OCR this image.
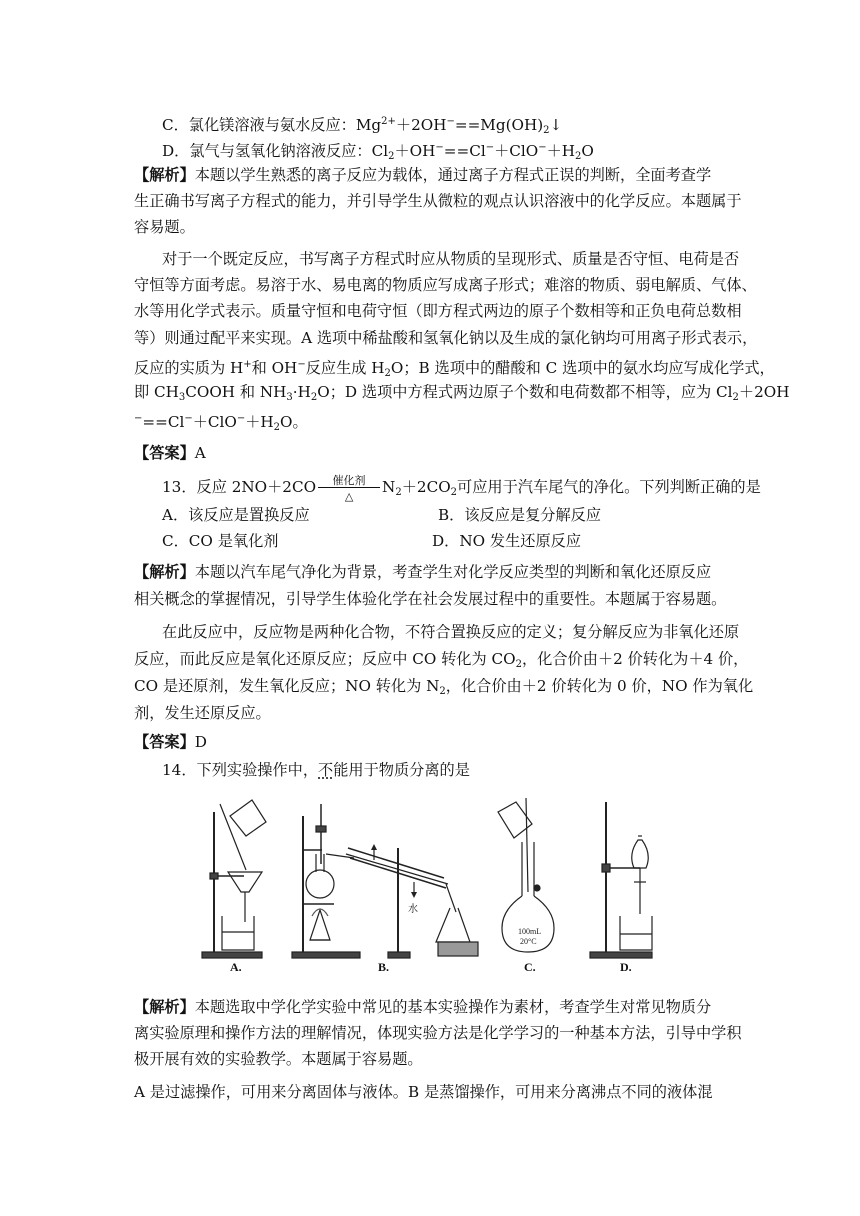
C．氯化镁溶液与氨水反应：$Mg^{2+}+2OH^-==Mg(OH)_2↓$
D．氯气与氢氧化钠溶液反应：$Cl_2+OH^-==Cl^-+ClO^-+H_2O$
【解析】本题以学生熟悉的离子反应为载体，通过离子方程式正误的判断，全面考查学
生正确书写离子方程式的能力，并引导学生从微粒的观点认识溶液中的化学反应。本题属于
容易题。
对于一个既定反应，书写离子方程式时应从物质的呈现形式、质量是否守恒、电荷是否
守恒等方面考虑。易溶于水、易电离的物质应写成离子形式；难溶的物质、弱电解质、气体、
水等用化学式表示。质量守恒和电荷守恒（即方程式两边的原子个数相等和正负电荷总数相
等）则通过配平来实现。A 选项中稀盐酸和氢氧化钠以及生成的氯化钠均可用离子形式表示，
反应的实质为 H+和 OH−反应生成 $H_2O$；B 选项中的醋酸和 C 选项中的氨水均应写成化学式，
即 $CH_3COOH$ 和 $NH_3\cdot H_2O$；D 选项中方程式两边原子个数和电荷数都不相等，应为 $Cl_2+2OH$
$^-==Cl^-+ClO^-+H_2O$。
【答案】A
13．反应 2NO＋2CO	催化剂
△
$N_2+2CO_2$可应用于汽车尾气的净化。下列判断正确的是
A．该反应是置换反应	B．该反应是复分解反应
C．CO 是氧化剂	D．NO 发生还原反应
【解析】本题以汽车尾气净化为背景，考查学生对化学反应类型的判断和氧化还原反应
相关概念的掌握情况，引导学生体验化学在社会发展过程中的重要性。本题属于容易题。
在此反应中，反应物是两种化合物，不符合置换反应的定义；复分解反应为非氧化还原
反应，而此反应是氧化还原反应；反应中 CO 转化为 $CO_2$，化合价由＋2 价转化为＋4 价，
CO 是还原剂，发生氧化反应；NO 转化为 $N_2$，化合价由＋2 价转化为 0 价，NO 作为氧化
剂，发生还原反应。
【答案】D
14．下列实验操作中，不能用于物质分离的是
水
100mL
20°C
A.	B.	C.	D.
【解析】本题选取中学化学实验中常见的基本实验操作为素材，考查学生对常见物质分
离实验原理和操作方法的理解情况，体现实验方法是化学学习的一种基本方法，引导中学积
极开展有效的实验教学。本题属于容易题。
A 是过滤操作，可用来分离固体与液体。B 是蒸馏操作，可用来分离沸点不同的液体混
